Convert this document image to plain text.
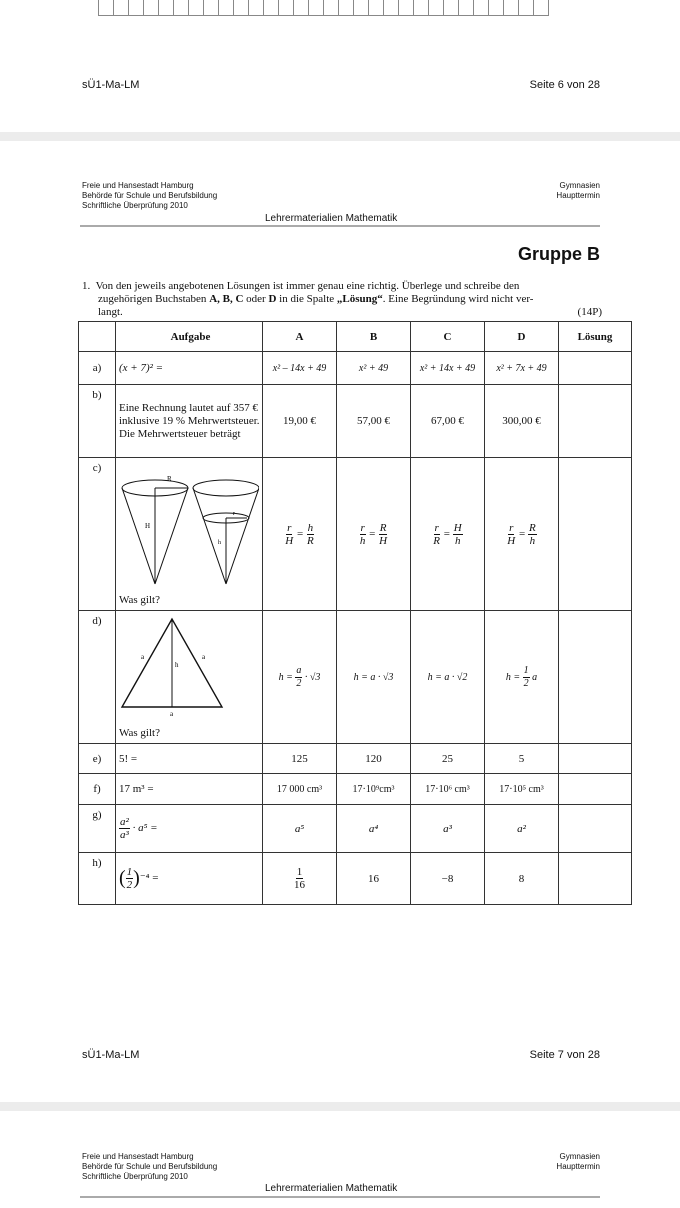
sÜ1-Ma-LM	Seite 6 von 28
Freie und Hansestadt Hamburg
Behörde für Schule und Berufsbildung
Schriftliche Überprüfung 2010
Gymnasien
Haupttermin
Lehrermaterialien Mathematik
Gruppe B
1. Von den jeweils angebotenen Lösungen ist immer genau eine richtig. Überlege und schreibe den
zugehörigen Buchstaben A, B, C oder D in die Spalte „Lösung“. Eine Begründung wird nicht ver-
langt.	(14P)
	Aufgabe	A	B	C	D	Lösung
a)	(x + 7)² =	x² – 14x + 49	x² + 49	x² + 14x + 49	x² + 7x + 49	
b)	Eine Rechnung lautet auf 357 € inklusive 19 % Mehrwertsteuer. Die Mehrwertsteuer beträgt	19,00 €	57,00 €	67,00 €	300,00 €	
c)	R
H
r
h
Was gilt?	$\frac{r}{H} = \frac{h}{R}$	$\frac{r}{h} = \frac{R}{H}$	$\frac{r}{R} = \frac{H}{h}$	$\frac{r}{H} = \frac{R}{h}$

d)	a a
h
a
Was gilt?	$h = \frac{a}{2} \cdot √3$	h = a · √3	h = a · √2	$h = \frac{1}{2}$ a	
e)	5! =	125	120	25	5	
f)	17 m³ =	17 000 cm³	17·10⁹cm³	17·10⁶ cm³	17·10⁵ cm³	
g)	$\frac{\text{a²}}{\text{a³}} \cdot a^5$ =	a⁵	a⁴	a³	a²	
h)	( $\frac{1}{2} )^{-4}$ =	$\frac{1}{16}$	16	−8	8	
sÜ1-Ma-LM	Seite 7 von 28
Freie und Hansestadt Hamburg
Behörde für Schule und Berufsbildung
Schriftliche Überprüfung 2010
Gymnasien
Haupttermin
Lehrermaterialien Mathematik
